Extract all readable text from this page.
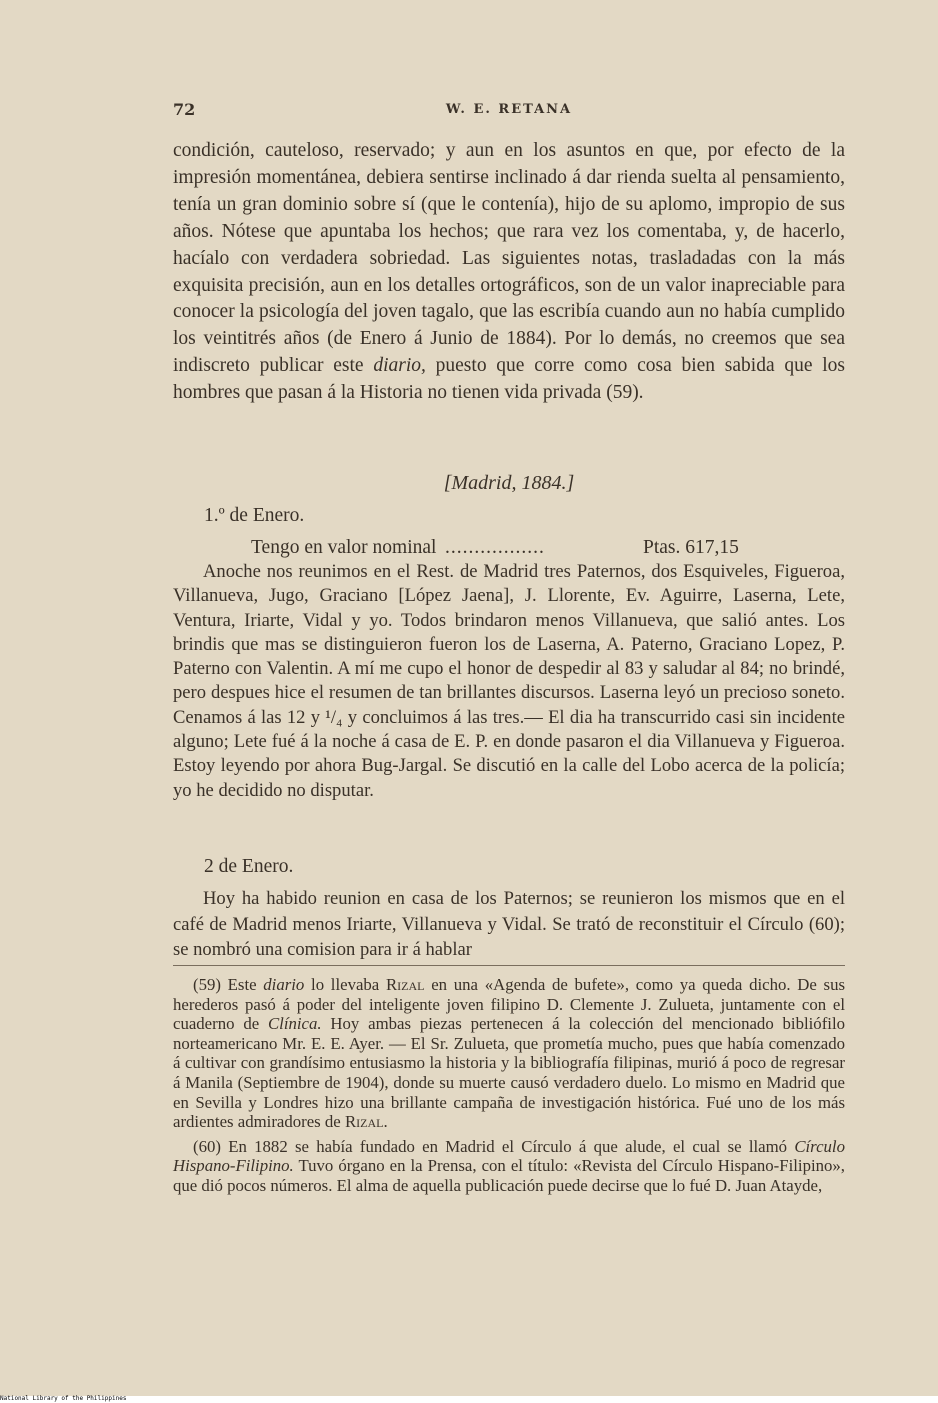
72	W. E. RETANA

condición, cauteloso, reservado; y aun en los asuntos en que, por efecto de la impresión momentánea, debiera sentirse inclinado á dar rienda suelta al pensamiento, tenía un gran dominio sobre sí (que le contenía), hijo de su aplomo, impropio de sus años. Nótese que apuntaba los hechos; que rara vez los comentaba, y, de hacerlo, hacíalo con verdadera sobriedad. Las siguientes notas, trasladadas con la más exquisita precisión, aun en los detalles ortográficos, son de un valor inapreciable para conocer la psicología del joven tagalo, que las escribía cuando aun no había cumplido los veintitrés años (de Enero á Junio de 1884). Por lo demás, no creemos que sea indiscreto publicar este diario, puesto que corre como cosa bien sabida que los hombres que pasan á la Historia no tienen vida privada (59).

[Madrid, 1884.]
1.º de Enero.
Tengo en valor nominal .................	Ptas. 617,15

Anoche nos reunimos en el Rest. de Madrid tres Paternos, dos Esquiveles, Figueroa, Villanueva, Jugo, Graciano [López Jaena], J. Llorente, Ev. Aguirre, Laserna, Lete, Ventura, Iriarte, Vidal y yo. Todos brindaron menos Villanueva, que salió antes. Los brindis que mas se distinguieron fueron los de Laserna, A. Paterno, Graciano Lopez, P. Paterno con Valentin. A mí me cupo el honor de despedir al 83 y saludar al 84; no brindé, pero despues hice el resumen de tan brillantes discursos. Laserna leyó un precioso soneto. Cenamos á las 12 y ¹/₄ y concluimos á las tres.— El dia ha transcurrido casi sin incidente alguno; Lete fué á la noche á casa de E. P. en donde pasaron el dia Villanueva y Figueroa. Estoy leyendo por ahora Bug-Jargal. Se discutió en la calle del Lobo acerca de la policía; yo he decidido no disputar.

2 de Enero.

Hoy ha habido reunion en casa de los Paternos; se reunieron los mismos que en el café de Madrid menos Iriarte, Villanueva y Vidal. Se trató de reconstituir el Círculo (60); se nombró una comision para ir á hablar

(59) Este diario lo llevaba Rizal en una «Agenda de bufete», como ya queda dicho. De sus herederos pasó á poder del inteligente joven filipino D. Clemente J. Zulueta, juntamente con el cuaderno de Clínica. Hoy ambas piezas pertenecen á la colección del mencionado bibliófilo norteamericano Mr. E. E. Ayer. — El Sr. Zulueta, que prometía mucho, pues que había comenzado á cultivar con grandísimo entusiasmo la historia y la bibliografía filipinas, murió á poco de regresar á Manila (Septiembre de 1904), donde su muerte causó verdadero duelo. Lo mismo en Madrid que en Sevilla y Londres hizo una brillante campaña de investigación histórica. Fué uno de los más ardientes admiradores de Rizal.

(60) En 1882 se había fundado en Madrid el Círculo á que alude, el cual se llamó Círculo Hispano-Filipino. Tuvo órgano en la Prensa, con el título: «Revista del Círculo Hispano-Filipino», que dió pocos números. El alma de aquella publicación puede decirse que lo fué D. Juan Atayde,

National Library of the Philippines
